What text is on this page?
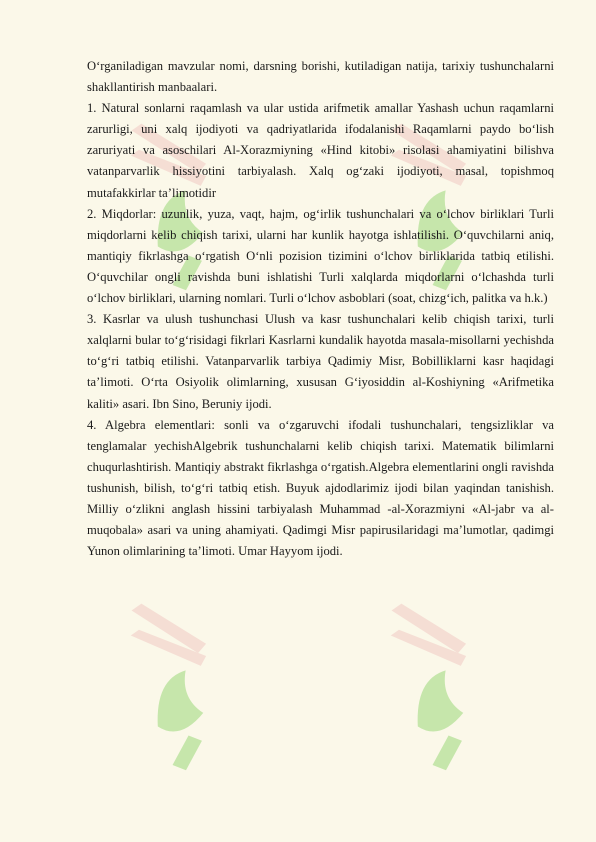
O‘rganiladigan mavzular nomi, darsning borishi, kutiladigan natija, tarixiy tushunchalarni shakllantirish manbaalari.

1. Natural sonlarni raqamlash va ular ustida arifmetik amallar Yashash uchun raqamlarni zarurligi, uni xalq ijodiyoti va qadriyatlarida ifodalanishi Raqamlarni paydo bo‘lish zaruriyati va asoschilari Al-Xorazmiyning «Hind kitobi» risolasi ahamiyatini bilishva vatanparvarlik hissiyotini tarbiyalash. Xalq og‘zaki ijodiyoti, masal, topishmoq mutafakkirlar ta’limotidir

2. Miqdorlar: uzunlik, yuza, vaqt, hajm, og‘irlik tushunchalari va o‘lchov birliklari Turli miqdorlarni kelib chiqish tarixi, ularni har kunlik hayotga ishlatilishi. O‘quvchilarni aniq, mantiqiy fikrlashga o‘rgatish O‘nli pozision tizimini o‘lchov birliklarida tatbiq etilishi. O‘quvchilar ongli ravishda buni ishlatishi Turli xalqlarda miqdorlarni o‘lchashda turli o‘lchov birliklari, ularning nomlari. Turli o‘lchov asboblari (soat, chizg‘ich, palitka va h.k.)

3. Kasrlar va ulush tushunchasi Ulush va kasr tushunchalari kelib chiqish tarixi, turli xalqlarni bular to‘g‘risidagi fikrlari Kasrlarni kundalik hayotda masala-misollarni yechishda to‘g‘ri tatbiq etilishi. Vatanparvarlik tarbiya Qadimiy Misr, Bobilliklarni kasr haqidagi ta’limoti. O‘rta Osiyolik olimlarning, xususan G‘iyosiddin al-Koshiyning «Arifmetika kaliti» asari. Ibn Sino, Beruniy ijodi.

4. Algebra elementlari: sonli va o‘zgaruvchi ifodali tushunchalari, tengsizliklar va tenglamalar yechishAlgebrik tushunchalarni kelib chiqish tarixi. Matematik bilimlarni chuqurlashtirish. Mantiqiy abstrakt fikrlashga o‘rgatish.Algebra elementlarini ongli ravishda tushunish, bilish, to‘g‘ri tatbiq etish. Buyuk ajdodlarimiz ijodi bilan yaqindan tanishish. Milliy o‘zlikni anglash hissini tarbiyalash Muhammad -al-Xorazmiyni «Al-jabr va al-muqobala» asari va uning ahamiyati. Qadimgi Misr papirusilaridagi ma’lumotlar, qadimgi Yunon olimlarining ta’limoti. Umar Hayyom ijodi.
